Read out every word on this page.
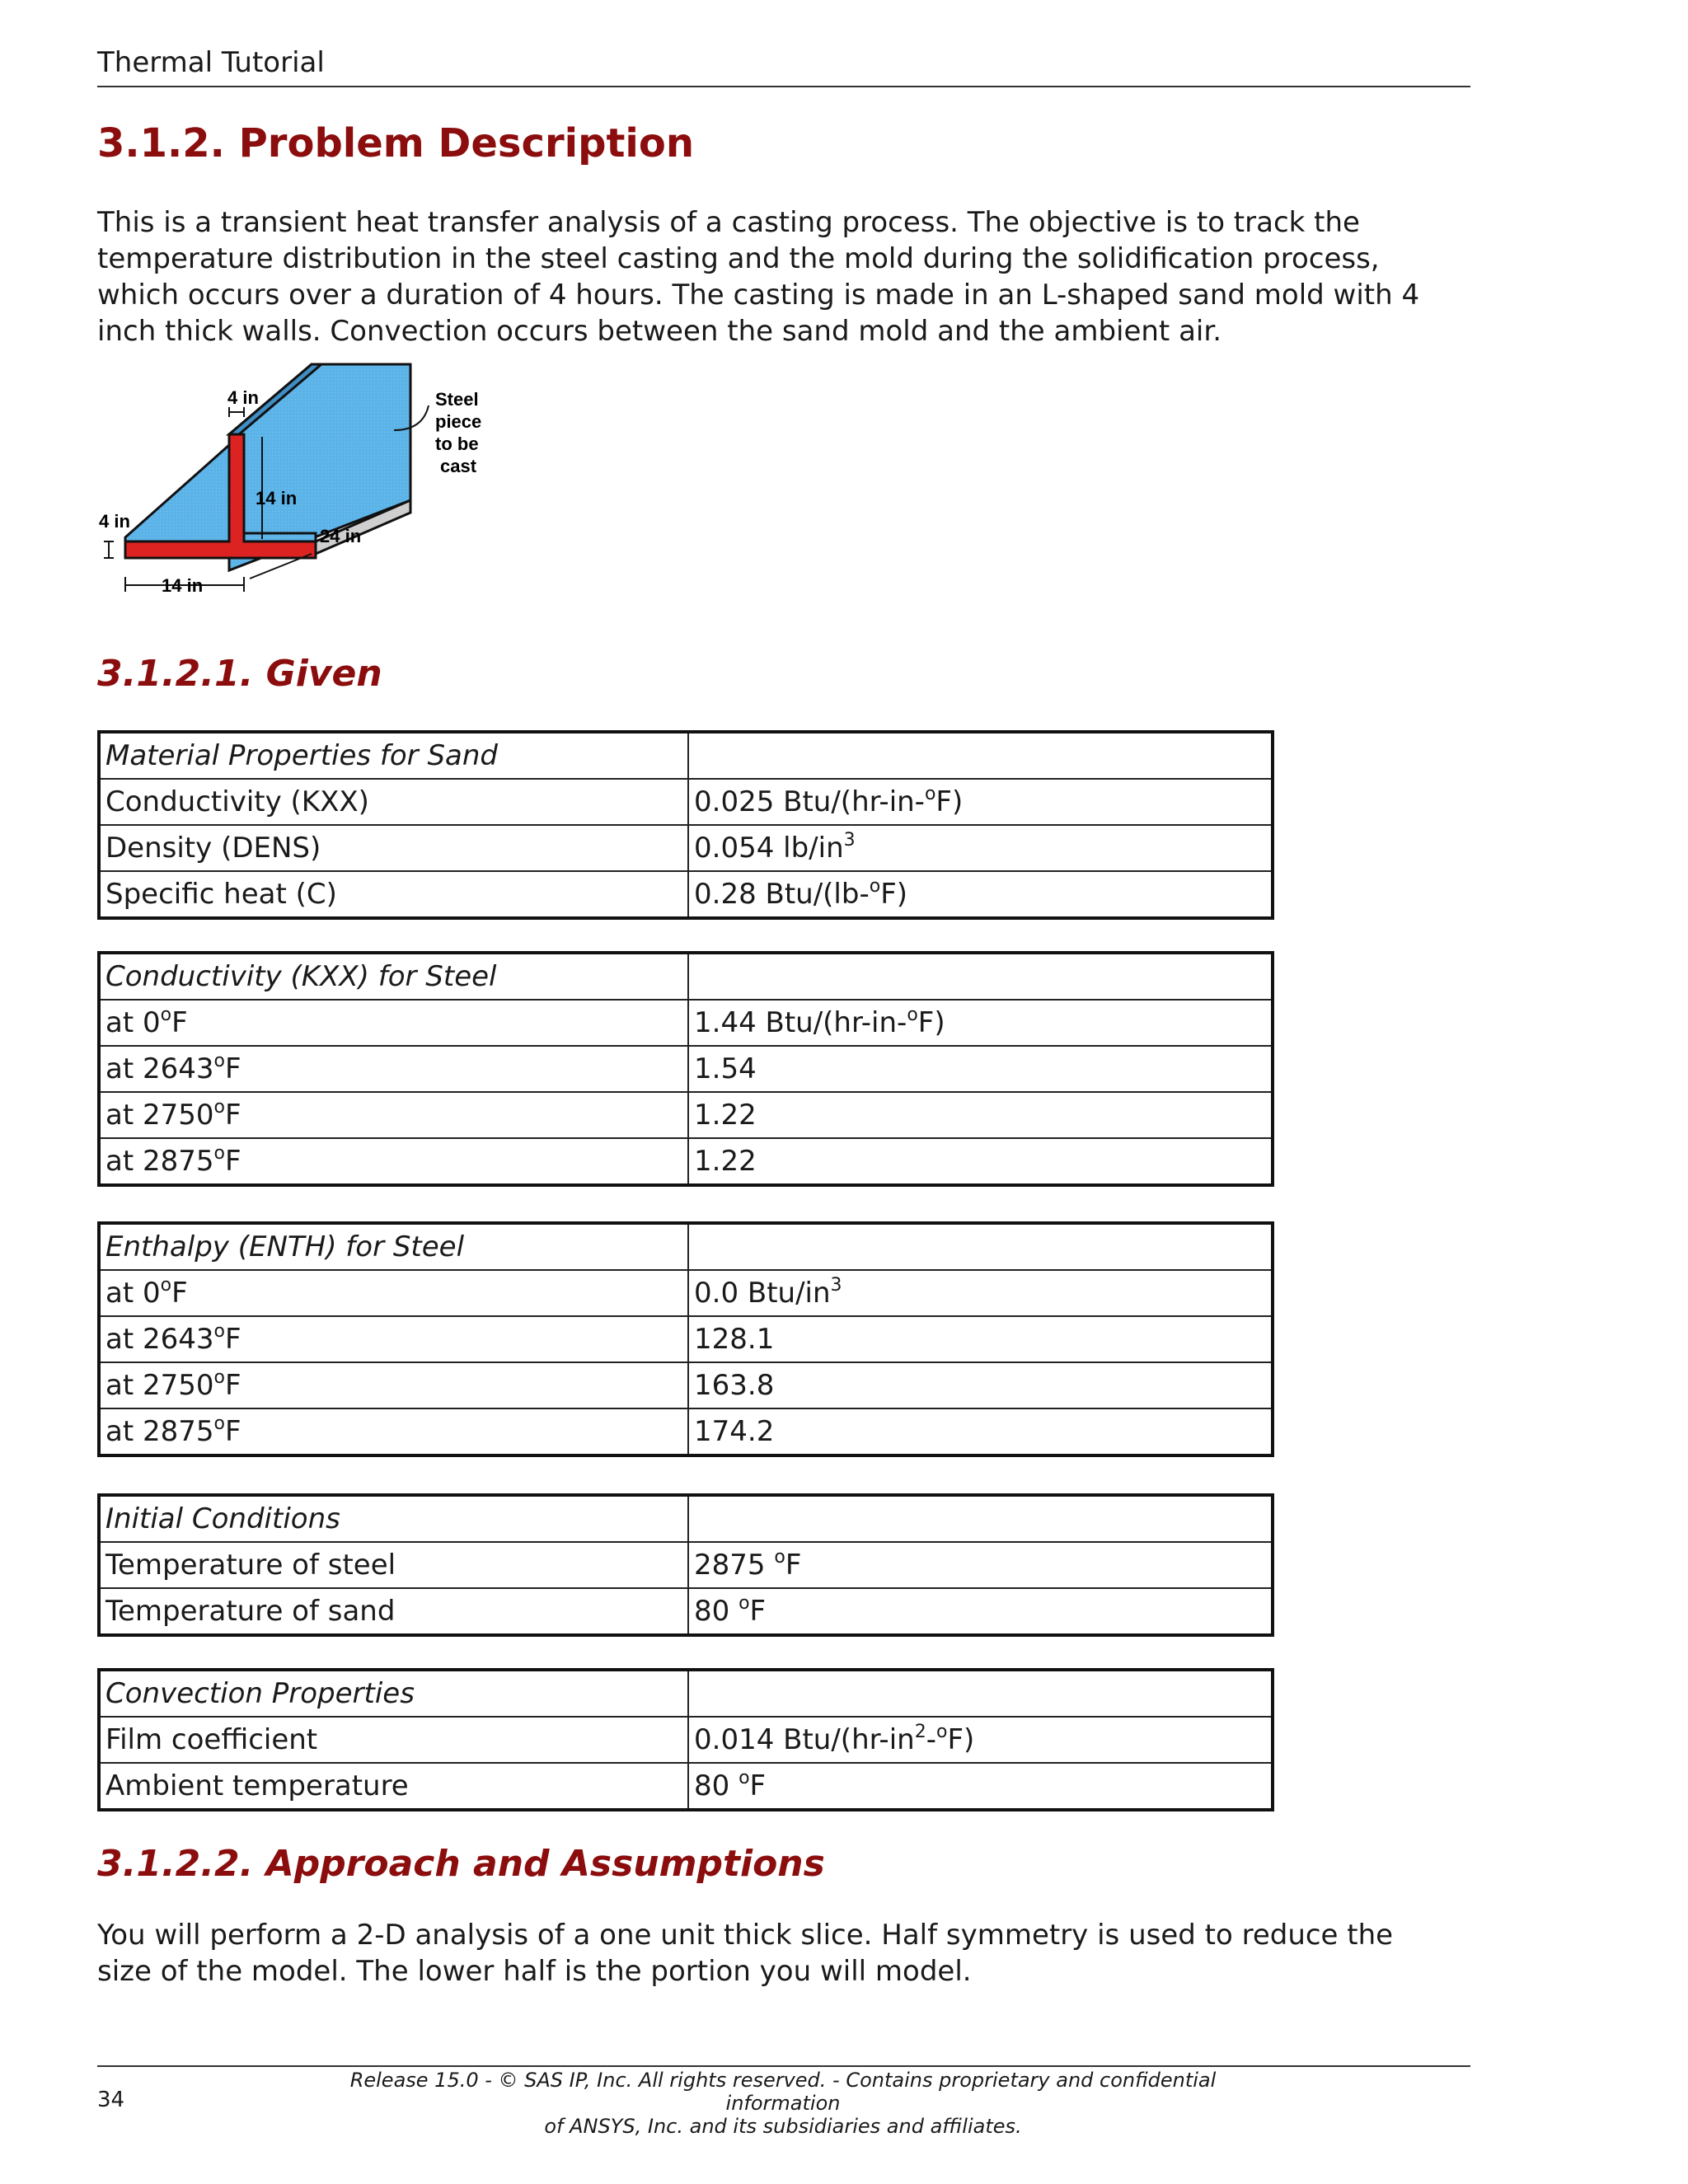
Thermal Tutorial
3.1.2. Problem Description

This is a transient heat transfer analysis of a casting process. The objective is to track the temperature distribution in the steel casting and the mold during the solidification process, which occurs over a duration of 4 hours. The casting is made in an L-shaped sand mold with 4 inch thick walls. Convection occurs between the sand mold and the ambient air.

4 in
4 in
14 in
24 in
14 in
Steel
piece
to be
cast
3.1.2.1. Given
Material Properties for Sand	
Conductivity (KXX)	0.025 Btu/(hr-in-$^o$F)
Density (DENS)	0.054 $lb/in^3$
Specific heat (C)	0.28 Btu/(lb-$^o$F)
Conductivity (KXX) for Steel	
at 0$^o$F	1.44 Btu/(hr-in-$^o$F)
at 2643$^o$F	1.54
at 2750$^o$F	1.22
at 2875$^o$F	1.22
Enthalpy (ENTH) for Steel	
at 0$^o$F	0.0 Btu/$in^3$
at 2643$^o$F	128.1
at 2750$^o$F	163.8
at 2875$^o$F	174.2
Initial Conditions	
Temperature of steel	2875 $^o$F
Temperature of sand	80 $^o$F
Convection Properties	
Film coefficient	0.014 Btu/$(hr-in^2-^oF)$
Ambient temperature	80 $^o$F
3.1.2.2. Approach and Assumptions

You will perform a 2-D analysis of a one unit thick slice. Half symmetry is used to reduce the size of the model. The lower half is the portion you will model.

34
Release 15.0 - © SAS IP, Inc. All rights reserved. - Contains proprietary and confidential information
of ANSYS, Inc. and its subsidiaries and affiliates.
